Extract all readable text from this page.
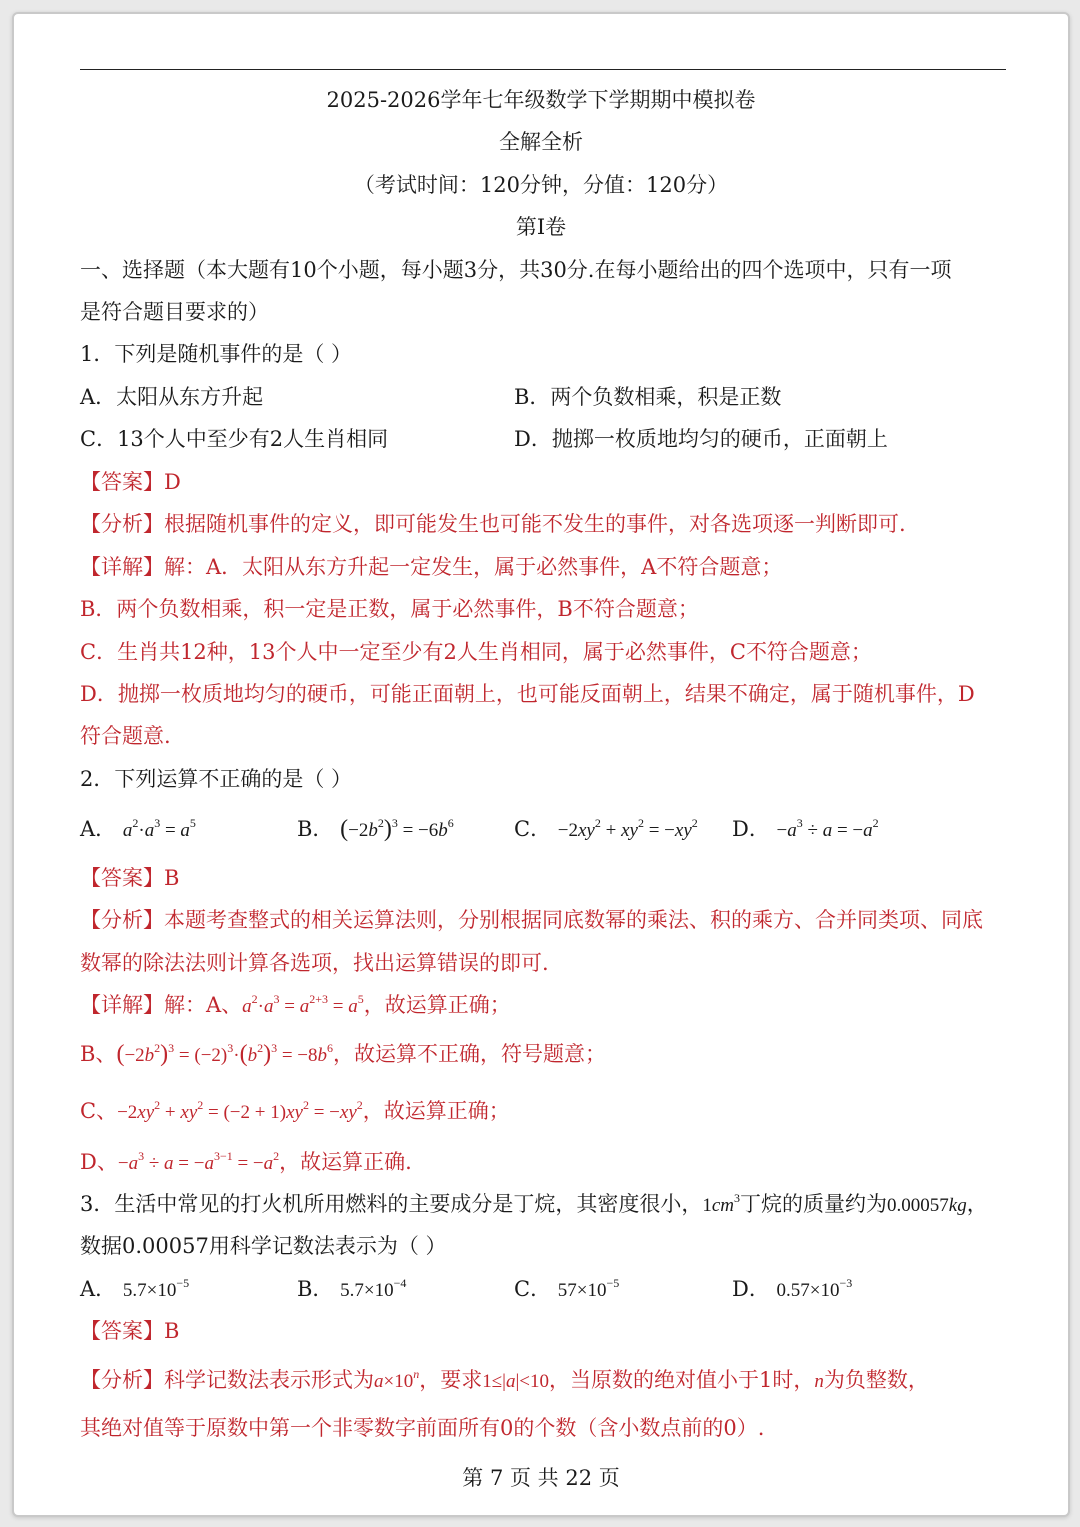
2025-2026学年七年级数学下学期期中模拟卷
全解全析
（考试时间：120分钟，分值：120分）
第Ⅰ卷
一、选择题（本大题有10个小题，每小题3分，共30分.在每小题给出的四个选项中，只有一项
是符合题目要求的）
1．下列是随机事件的是（ ）
A．太阳从东方升起	B．两个负数相乘，积是正数
C．13个人中至少有2人生肖相同	D．抛掷一枚质地均匀的硬币，正面朝上
【答案】D
【分析】根据随机事件的定义，即可能发生也可能不发生的事件，对各选项逐一判断即可.
【详解】解：A．太阳从东方升起一定发生，属于必然事件，A不符合题意；
B．两个负数相乘，积一定是正数，属于必然事件，B不符合题意；
C．生肖共12种，13个人中一定至少有2人生肖相同，属于必然事件，C不符合题意；
D．抛掷一枚质地均匀的硬币，可能正面朝上，也可能反面朝上，结果不确定，属于随机事件，D
符合题意.
2．下列运算不正确的是（ ）
A． $a^2\cdot a^3 = a^5$	B． $(-2b^2)^3 = -6b^6$	C． $-2xy^2 + xy^2 = -xy^2$ D． $-a^3 \div a = -a^2$
【答案】B
【分析】本题考查整式的相关运算法则，分别根据同底数幂的乘法、积的乘方、合并同类项、同底
数幂的除法法则计算各选项，找出运算错误的即可.
【详解】解：A、$a^2\cdot a^3 = a^{2+3} = a^5$，故运算正确；
B、$(-2b^2)^3 = (-2)^3\cdot(b^2)^3 = -8b^6$，故运算不正确，符号题意；
C、$-2xy^2 + xy^2 = (-2 + 1)xy^2 = -xy^2$，故运算正确；
D、$-a^3 \div a = -a^{3-1} = -a^2$，故运算正确.
3．生活中常见的打火机所用燃料的主要成分是丁烷，其密度很小，$1cm^3$丁烷的质量约为0.00057kg，
数据0.00057用科学记数法表示为（ ）
A． $5.7\times 10^{-5}$	B． $5.7\times 10^{-4}$	C． $57\times 10^{-5}$	D． $0.57\times 10^{-3}$
【答案】B
【分析】科学记数法表示形式为$a\times 10^n$，要求1≤|a|<10，当原数的绝对值小于1时，n为负整数，
其绝对值等于原数中第一个非零数字前面所有0的个数（含小数点前的0）.
第 7 页 共 22 页
